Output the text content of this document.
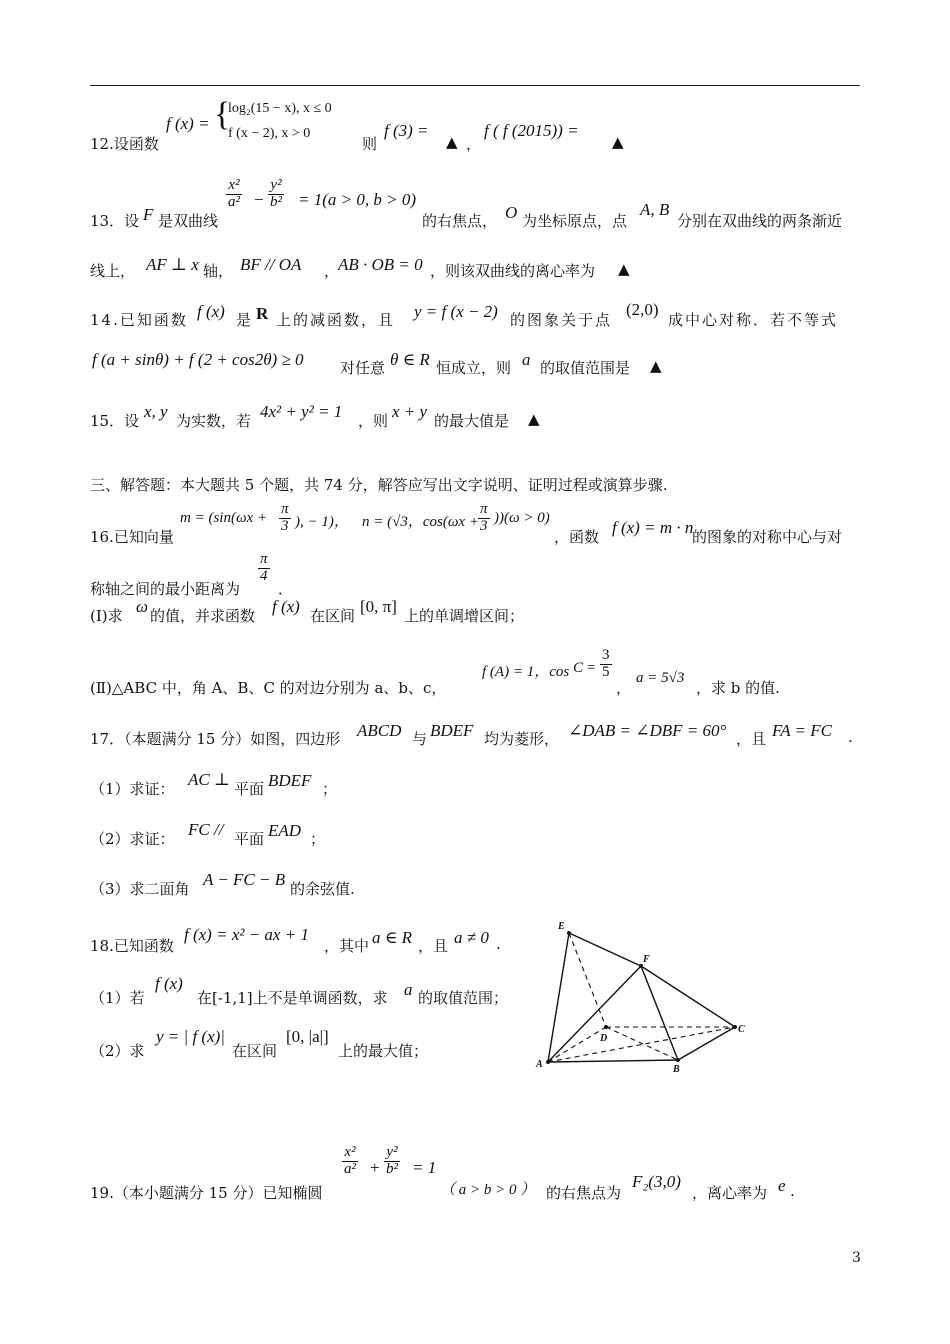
12.设函数
f (x) = {
log₂(15 − x), x ≤ 0
f (x − 2), x > 0
则
f (3) =
▲ ，
f ( f (2015)) =
▲
13．设 F 是双曲线
$\frac{\text{x²}}{\text{a²}} - \frac{\text{y²}}{\text{b²}} = 1(a > 0$, b > 0)
的右焦点， O 为坐标原点，点
A, B
分别在双曲线的两条渐近
线上， AF ⊥ x 轴， BF // OA ，
AB · OB = 0 ，则该双曲线的离心率为 ▲
14.已知函数 f (x) 是 R 上的减函数，且 y = f (x − 2) 的图象关于点
(2,0)
成中心对称．若不等式
f (a + sinθ) + f (2 + cos2θ) ≥ 0 对任意 θ ∈ R 恒成立，则 a 的取值范围是 ▲
15．设 x, y 为实数，若 4x² + y² = 1 ，则 x + y 的最大值是 ▲
三、解答题：本大题共 5 个题，共 74 分，解答应写出文字说明、证明过程或演算步骤.
16.已知向量
$m = (\sin(\omega x + \frac{\pi}{3}$ ), − 1)， n = (√3，$\cos(\omega x + \frac{\pi}{3} ))(\omega > 0)$
，函数 f (x) = m · n
的图象的对称中心与对
称轴之间的最小距离为
$\frac{\pi}{4}$
．
(Ⅰ)求 ω 的值，并求函数 f (x) 在区间 [0, π] 上的单调增区间；
(Ⅱ)△ABC 中，角 A、B、C 的对边分别为 a、b、c，
f (A) = 1，$\cos C = \frac{3}{5}$
，
a = 5√3
，求 b 的值.
17．（本题满分 15 分）如图，四边形 ABCD 与 BDEF 均为菱形， ∠DAB = ∠DBF = 60° ，且 FA = FC .
（1）求证： AC ⊥ 平面 BDEF ；
（2）求证： FC // 平面 EAD ；
（3）求二面角 A − FC − B 的余弦值.
18.已知函数
f (x) = x² − ax + 1
，其中 a ∈ R ，且 a ≠ 0 .
（1）若
f (x)
在[-1,1]上不是单调函数，求 a 的取值范围；
（2）求
y = | f (x)|
在区间
[0, |a|]
上的最大值；
E
F
D
C
A	B
19.（本小题满分 15 分）已知椭圆
$\frac{\text{x²}}{\text{a²}} + \frac{\text{y²}}{\text{b²}} = 1$
（ a > b > 0 ） 的右焦点为
F₂(3,0)
，离心率为 e .
3
